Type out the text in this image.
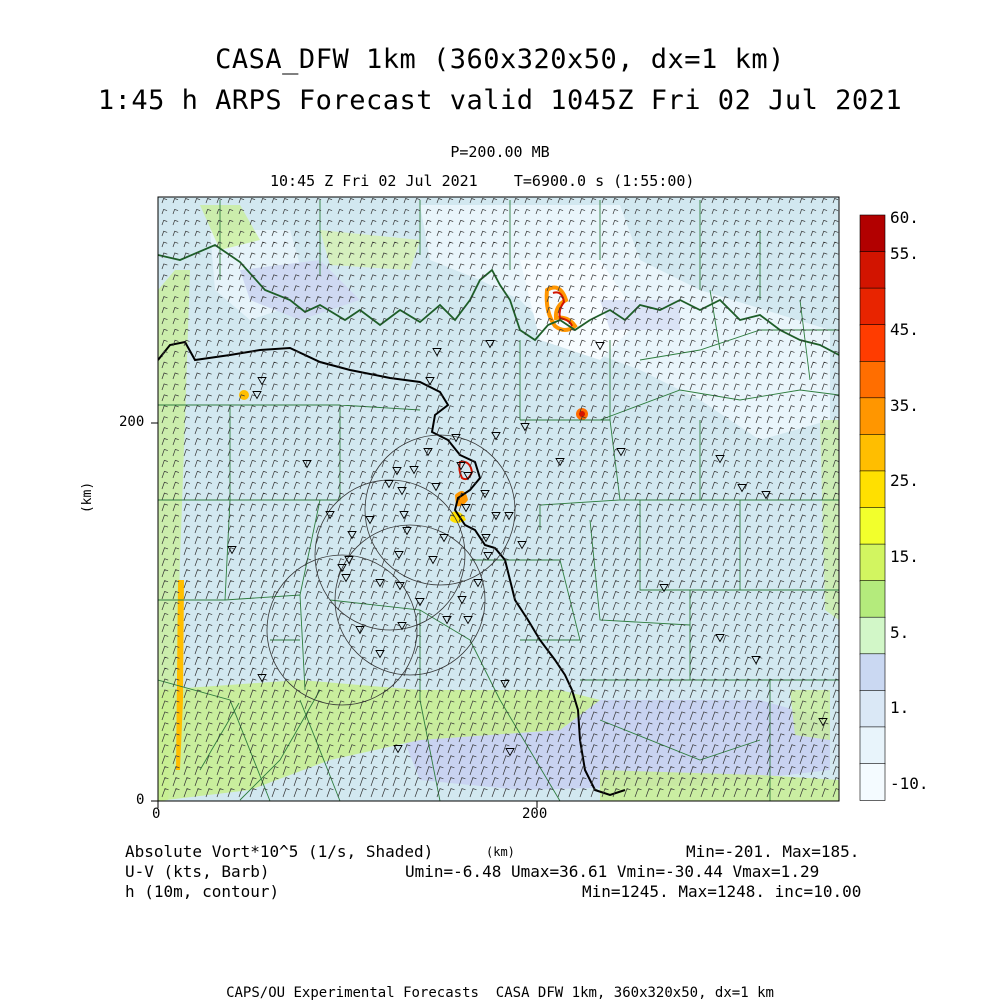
CASA_DFW 1km (360x320x50, dx=1 km)
1:45 h ARPS Forecast valid 1045Z Fri 02 Jul 2021
P=200.00 MB
10:45 Z Fri 02 Jul 2021    T=6900.0 s (1:55:00)
0	200
0
200
(km)
60.
55.
45.
35.
25.
15.
5.
1.
-10.
Absolute Vort*10^5 (1/s, Shaded)
U-V (kts, Barb)
h (10m, contour)
(km)	Min=-201. Max=185.
Umin=-6.48 Umax=36.61 Vmin=-30.44 Vmax=1.29
Min=1245. Max=1248. inc=10.00
CAPS/OU Experimental Forecasts  CASA DFW 1km, 360x320x50, dx=1 km
